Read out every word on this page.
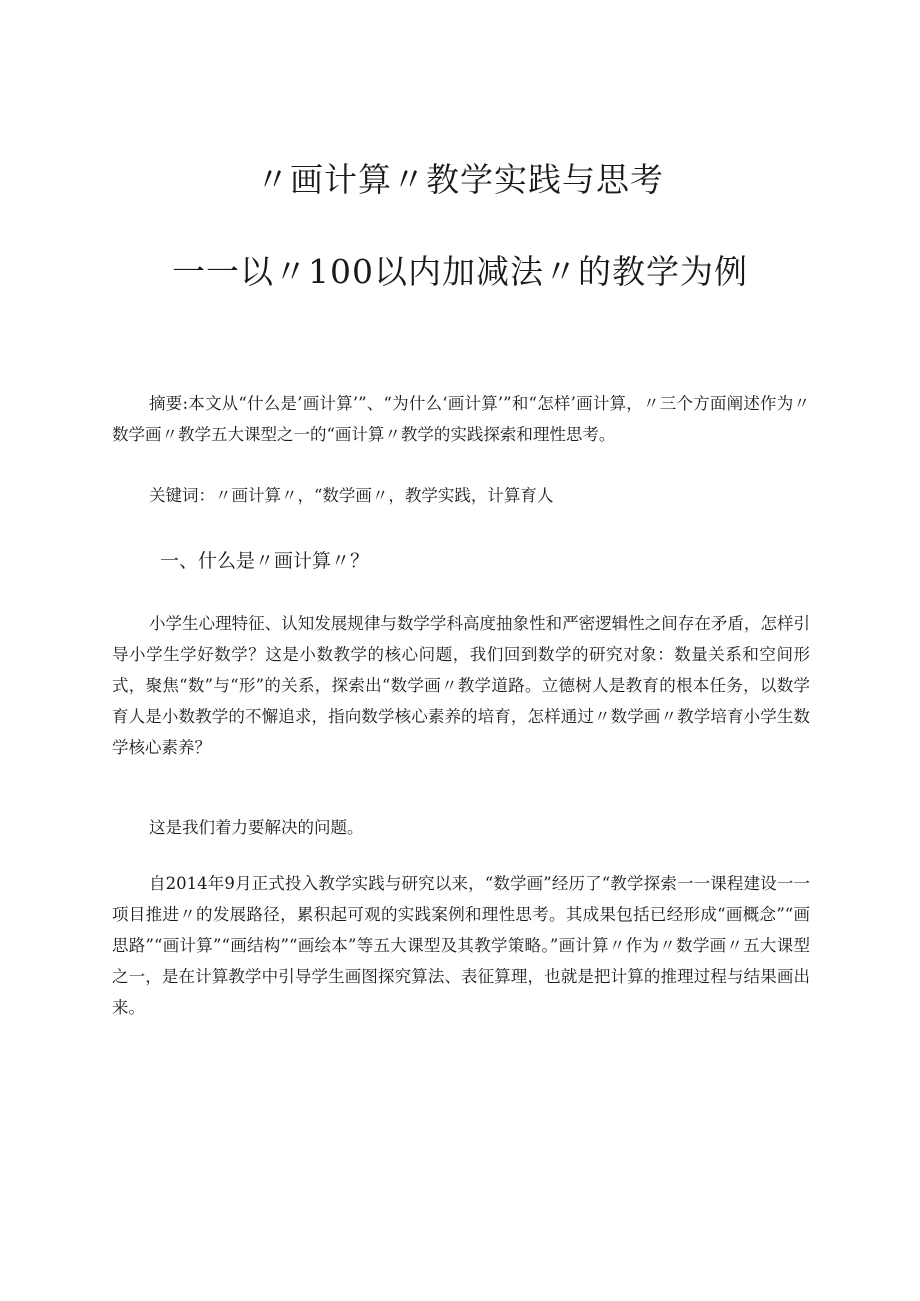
〃画计算〃教学实践与思考
一一以〃100以内加减法〃的教学为例

摘要:本文从“什么是’画计算’”、“为什么‘画计算’”和“怎样’画计算，〃三个方面阐述作为〃数学画〃教学五大课型之一的“画计算〃教学的实践探索和理性思考。

关键词：〃画计算〃，“数学画〃，教学实践，计算育人

一、什么是〃画计算〃？

小学生心理特征、认知发展规律与数学学科高度抽象性和严密逻辑性之间存在矛盾，怎样引导小学生学好数学？这是小数教学的核心问题，我们回到数学的研究对象：数量关系和空间形式，聚焦“数”与“形”的关系，探索出“数学画〃教学道路。立德树人是教育的根本任务，以数学育人是小数教学的不懈追求，指向数学核心素养的培育，怎样通过〃数学画〃教学培育小学生数学核心素养？

这是我们着力要解决的问题。

自2014年9月正式投入教学实践与研究以来，“数学画”经历了“教学探索一一课程建设一一项目推进〃的发展路径，累积起可观的实践案例和理性思考。其成果包括已经形成“画概念”“画思路”“画计算”“画结构”“画绘本”等五大课型及其教学策略。”画计算〃作为〃数学画〃五大课型之一，是在计算教学中引导学生画图探究算法、表征算理，也就是把计算的推理过程与结果画出来。
